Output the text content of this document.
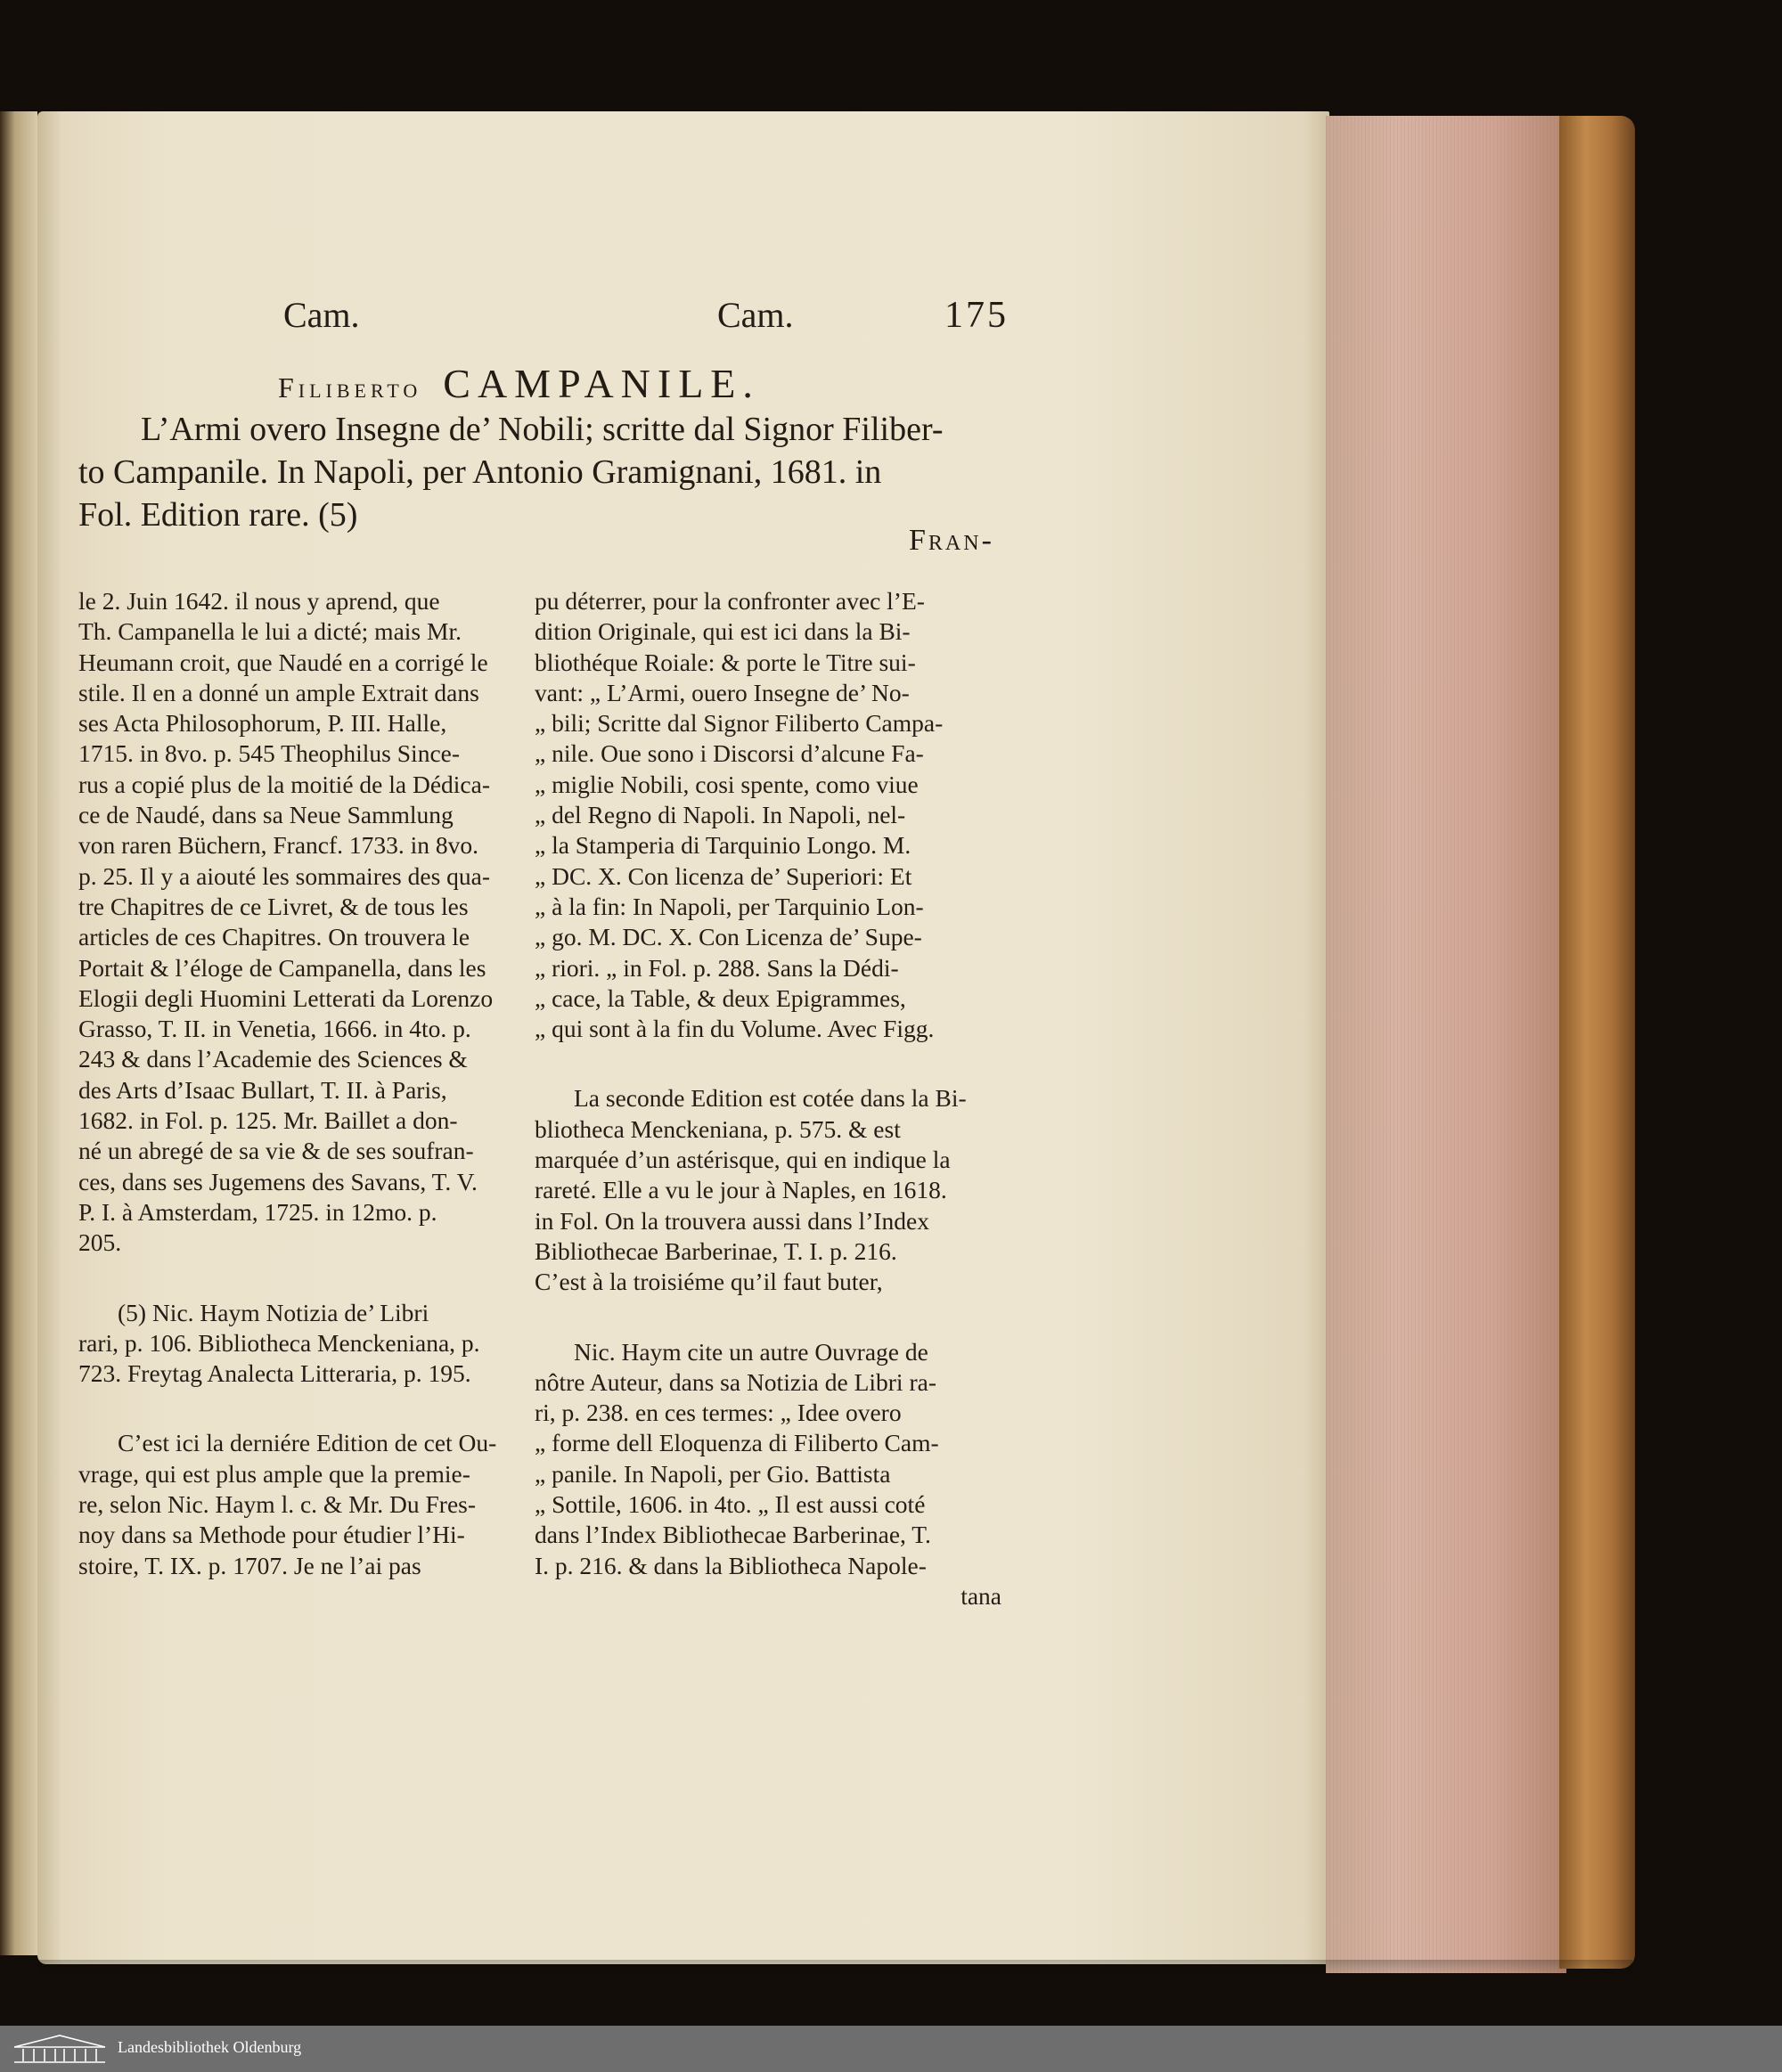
Cam.	Cam.	175
Filiberto CAMPANILE.
L’Armi overo Insegne de’ Nobili; scritte dal Signor Filiber-
to Campanile. In Napoli, per Antonio Gramignani, 1681. in
Fol. Edition rare. (5)
Fran-
le 2. Juin 1642. il nous y aprend, que
Th. Campanella le lui a dicté; mais Mr.
Heumann croit, que Naudé en a corrigé le
stile. Il en a donné un ample Extrait dans
ses Acta Philosophorum, P. III. Halle,
1715. in 8vo. p. 545 Theophilus Since-
rus a copié plus de la moitié de la Dédica-
ce de Naudé, dans sa Neue Sammlung
von raren Büchern, Francf. 1733. in 8vo.
p. 25. Il y a aiouté les sommaires des qua-
tre Chapitres de ce Livret, & de tous les
articles de ces Chapitres. On trouvera le
Portait & l’éloge de Campanella, dans les
Elogii degli Huomini Letterati da Lorenzo
Grasso, T. II. in Venetia, 1666. in 4to. p.
243 & dans l’Academie des Sciences &
des Arts d’Isaac Bullart, T. II. à Paris,
1682. in Fol. p. 125. Mr. Baillet a don-
né un abregé de sa vie & de ses soufran-
ces, dans ses Jugemens des Savans, T. V.
P. I. à Amsterdam, 1725. in 12mo. p.
205.
(5) Nic. Haym Notizia de’ Libri
rari, p. 106. Bibliotheca Menckeniana, p.
723. Freytag Analecta Litteraria, p. 195.
C’est ici la derniére Edition de cet Ou-
vrage, qui est plus ample que la premie-
re, selon Nic. Haym l. c. & Mr. Du Fres-
noy dans sa Methode pour étudier l’Hi-
stoire, T. IX. p. 1707. Je ne l’ai pas
pu déterrer, pour la confronter avec l’E-
dition Originale, qui est ici dans la Bi-
bliothéque Roiale: & porte le Titre sui-
vant: „ L’Armi, ouero Insegne de’ No-
„ bili; Scritte dal Signor Filiberto Campa-
„ nile. Oue sono i Discorsi d’alcune Fa-
„ miglie Nobili, cosi spente, como viue
„ del Regno di Napoli. In Napoli, nel-
„ la Stamperia di Tarquinio Longo. M.
„ DC. X. Con licenza de’ Superiori: Et
„ à la fin: In Napoli, per Tarquinio Lon-
„ go. M. DC. X. Con Licenza de’ Supe-
„ riori. „ in Fol. p. 288. Sans la Dédi-
„ cace, la Table, & deux Epigrammes,
„ qui sont à la fin du Volume. Avec Figg.
La seconde Edition est cotée dans la Bi-
bliotheca Menckeniana, p. 575. & est
marquée d’un astérisque, qui en indique la
rareté. Elle a vu le jour à Naples, en 1618.
in Fol. On la trouvera aussi dans l’Index
Bibliothecae Barberinae, T. I. p. 216.
C’est à la troisiéme qu’il faut buter,
Nic. Haym cite un autre Ouvrage de
nôtre Auteur, dans sa Notizia de Libri ra-
ri, p. 238. en ces termes: „ Idee overo
„ forme dell Eloquenza di Filiberto Cam-
„ panile. In Napoli, per Gio. Battista
„ Sottile, 1606. in 4to. „ Il est aussi coté
dans l’Index Bibliothecae Barberinae, T.
I. p. 216. & dans la Bibliotheca Napole-
tana
Landesbibliothek Oldenburg
